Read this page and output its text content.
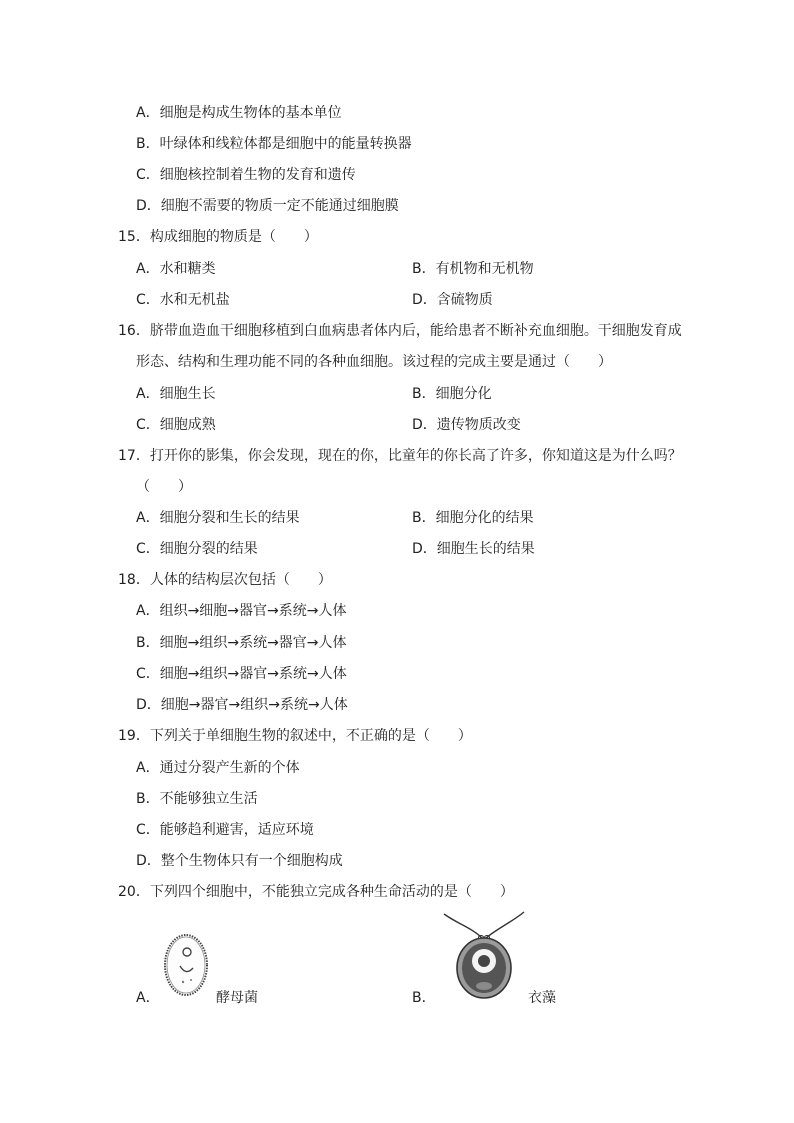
A．细胞是构成生物体的基本单位
B．叶绿体和线粒体都是细胞中的能量转换器
C．细胞核控制着生物的发育和遗传
D．细胞不需要的物质一定不能通过细胞膜
15．构成细胞的物质是（　　）
A．水和糖类	B．有机物和无机物
C．水和无机盐	D．含硫物质
16．脐带血造血干细胞移植到白血病患者体内后，能给患者不断补充血细胞。干细胞发育成
形态、结构和生理功能不同的各种血细胞。该过程的完成主要是通过（　　）
A．细胞生长	B．细胞分化
C．细胞成熟	D．遗传物质改变
17．打开你的影集，你会发现，现在的你，比童年的你长高了许多，你知道这是为什么吗？
（　　）
A．细胞分裂和生长的结果	B．细胞分化的结果
C．细胞分裂的结果	D．细胞生长的结果
18．人体的结构层次包括（　　）
A．组织→细胞→器官→系统→人体
B．细胞→组织→系统→器官→人体
C．细胞→组织→器官→系统→人体
D．细胞→器官→组织→系统→人体
19．下列关于单细胞生物的叙述中，不正确的是（　　）
A．通过分裂产生新的个体
B．不能够独立生活
C．能够趋利避害，适应环境
D．整个生物体只有一个细胞构成
20．下列四个细胞中，不能独立完成各种生命活动的是（　　）
A．	酵母菌	B．	衣藻
